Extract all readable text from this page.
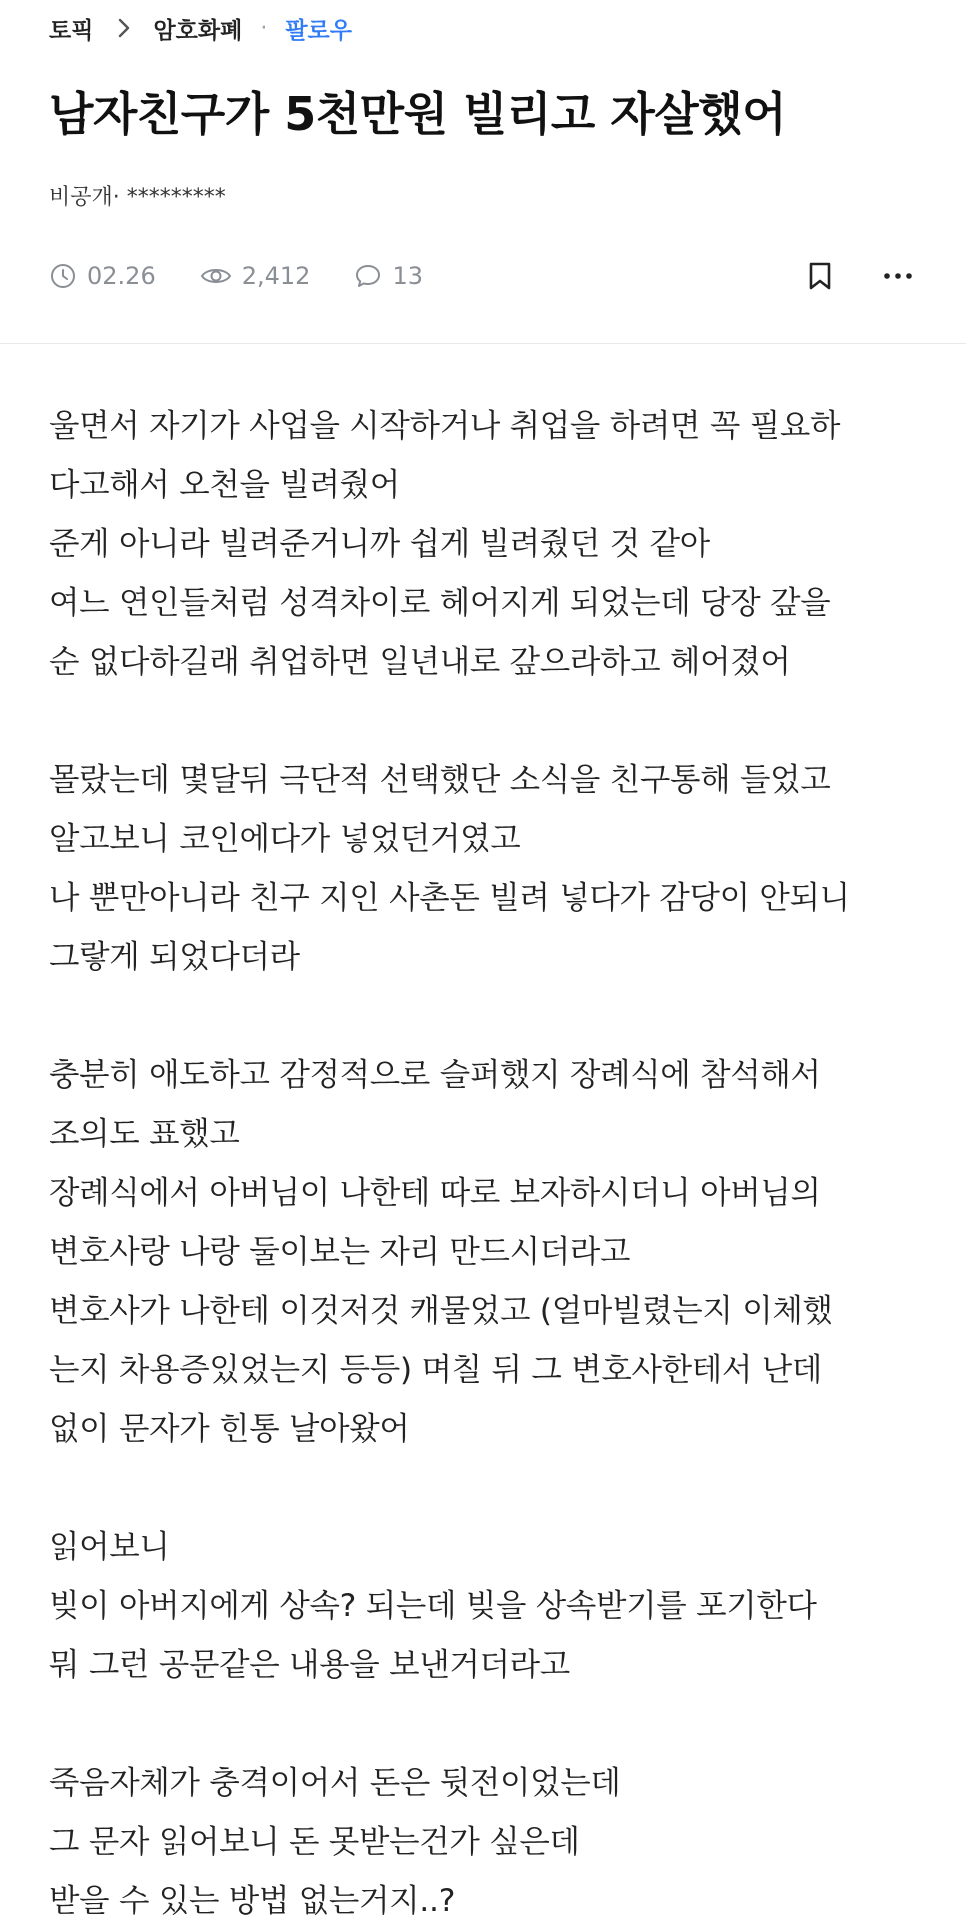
토픽	암호화폐 · 팔로우
남자친구가 5천만원 빌리고 자살했어
비공개· *********
02.26	2,412	13

울면서 자기가 사업을 시작하거나 취업을 하려면 꼭 필요하
다고해서 오천을 빌려줬어
준게 아니라 빌려준거니까 쉽게 빌려줬던 것 같아
여느 연인들처럼 성격차이로 헤어지게 되었는데 당장 갚을
순 없다하길래 취업하면 일년내로 갚으라하고 헤어졌어

몰랐는데 몇달뒤 극단적 선택했단 소식을 친구통해 들었고
알고보니 코인에다가 넣었던거였고
나 뿐만아니라 친구 지인 사촌돈 빌려 넣다가 감당이 안되니
그랗게 되었다더라

충분히 애도하고 감정적으로 슬퍼했지 장례식에 참석해서
조의도 표했고
장례식에서 아버님이 나한테 따로 보자하시더니 아버님의
변호사랑 나랑 둘이보는 자리 만드시더라고
변호사가 나한테 이것저것 캐물었고 (얼마빌렸는지 이체했
는지 차용증있었는지 등등) 며칠 뒤 그 변호사한테서 난데
없이 문자가 힌통 날아왔어

읽어보니
빚이 아버지에게 상속? 되는데 빚을 상속받기를 포기한다
뭐 그런 공문같은 내용을 보낸거더라고

죽음자체가 충격이어서 돈은 뒷전이었는데
그 문자 읽어보니 돈 못받는건가 싶은데
받을 수 있는 방법 없는거지..?
